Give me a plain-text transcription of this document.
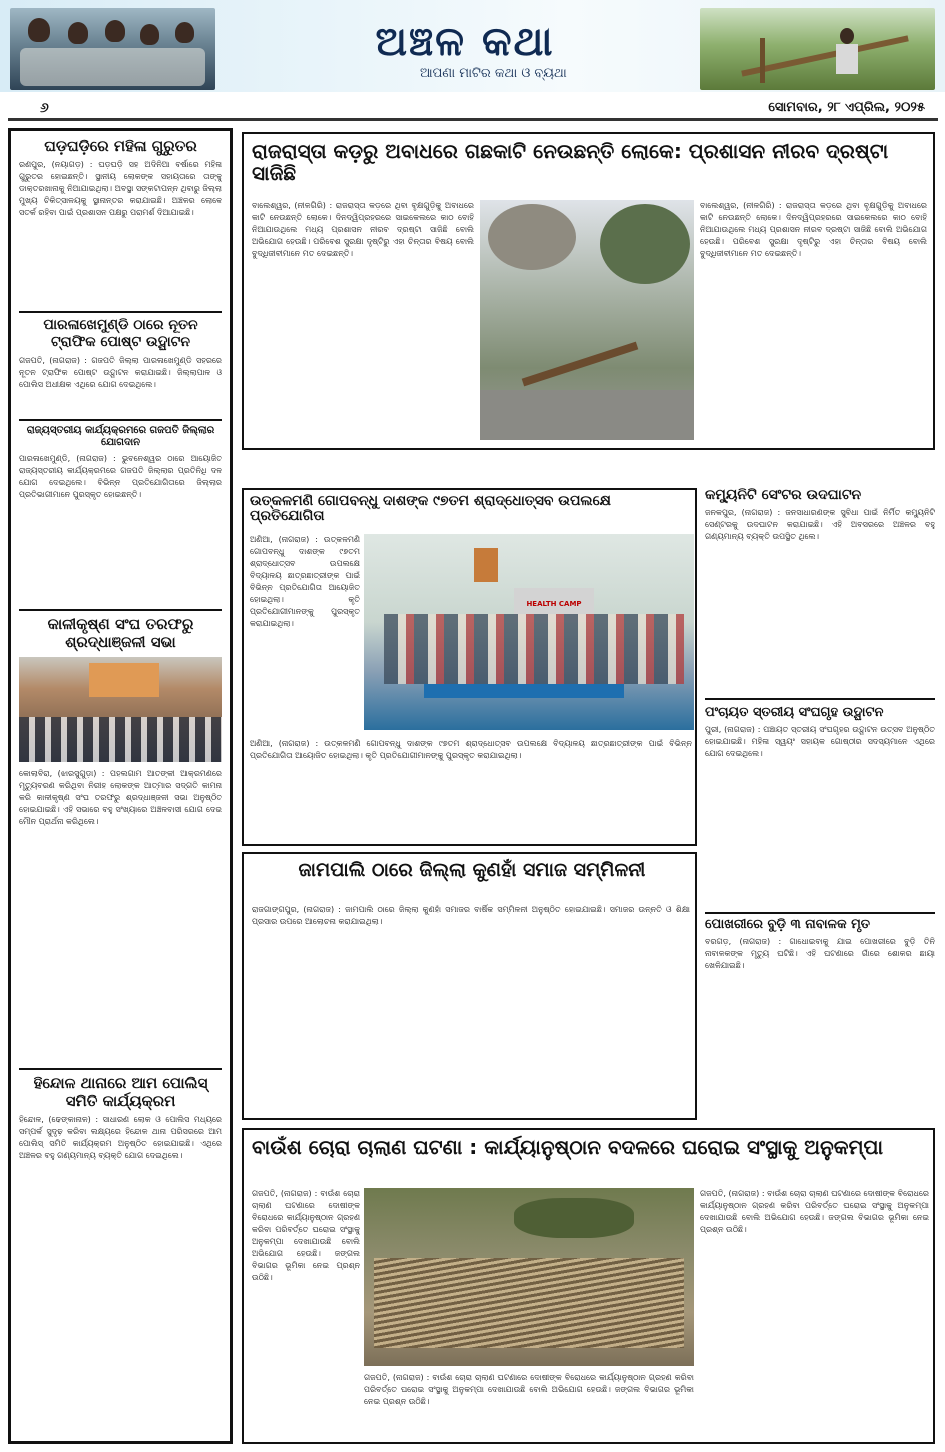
ଅଞ୍ଚଳ କଥା
ଆପଣା ମାଟିର କଥା ଓ ବ୍ୟଥା
୬	ସୋମବାର, ୨୮ ଏପ୍ରିଲ, ୨୦୨୫
ଘଡ଼ଘଡ଼ିରେ ମହିଳା ଗୁରୁତର
ରଣପୁର, (ନୟାଗଡ଼) : ଘଡ଼ଘଡ଼ି ସହ ଅଦିନିଆ ବର୍ଷାରେ ମହିଳା ଗୁରୁତର ହୋଇଛନ୍ତି। ସ୍ଥାନୀୟ ଲୋକଙ୍କ ସହାୟତାରେ ତାଙ୍କୁ ଡାକ୍ତରଖାନାକୁ ନିଆଯାଇଥିଲା। ଅବସ୍ଥା ସଙ୍କଟାପନ୍ନ ଥିବାରୁ ଜିଲ୍ଲା ମୁଖ୍ୟ ଚିକିତ୍ସାଳୟକୁ ସ୍ଥାନାନ୍ତର କରାଯାଇଛି। ଅଞ୍ଚଳର ଲୋକେ ସତର୍କ ରହିବା ପାଇଁ ପ୍ରଶାସନ ପକ୍ଷରୁ ପରାମର୍ଶ ଦିଆଯାଇଛି।
ପାରଳାଖେମୁଣ୍ଡି ଠାରେ ନୂତନ ଟ୍ରାଫିକ ପୋଷ୍ଟ ଉଦ୍ଘାଟନ
ଗଜପତି, (ନାଗରାଜ) : ଗଜପତି ଜିଲ୍ଲା ପାରଳାଖେମୁଣ୍ଡି ସହରରେ ନୂତନ ଟ୍ରାଫିକ ପୋଷ୍ଟ ଉଦ୍ଘାଟନ କରାଯାଇଛି। ଜିଲ୍ଲାପାଳ ଓ ପୋଲିସ ଅଧୀକ୍ଷକ ଏଥିରେ ଯୋଗ ଦେଇଥିଲେ।
ରାଜ୍ୟସ୍ତରୀୟ କାର୍ଯ୍ୟକ୍ରମରେ ଗଜପତି ଜିଲ୍ଲାର ଯୋଗଦାନ
ପାରଳାଖେମୁଣ୍ଡି, (ନାଗରାଜ) : ଭୁବନେଶ୍ୱର ଠାରେ ଆୟୋଜିତ ରାଜ୍ୟସ୍ତରୀୟ କାର୍ଯ୍ୟକ୍ରମରେ ଗଜପତି ଜିଲ୍ଲାର ପ୍ରତିନିଧି ଦଳ ଯୋଗ ଦେଇଥିଲେ। ବିଭିନ୍ନ ପ୍ରତିଯୋଗିତାରେ ଜିଲ୍ଲାର ପ୍ରତିଭାଗୀମାନେ ପୁରସ୍କୃତ ହୋଇଛନ୍ତି।
କାଳୀକୃଷ୍ଣ ସଂଘ ତରଫରୁ ଶ୍ରଦ୍ଧାଞ୍ଜଳୀ ସଭା
କୋଲାବିରା, (ଝାରସୁଗୁଡ଼ା) : ପହଲଗାମ ଆତଙ୍କୀ ଆକ୍ରମଣରେ ମୃତ୍ୟୁବରଣ କରିଥିବା ନିରୀହ ଲୋକଙ୍କ ଆତ୍ମାର ସଦ୍ଗତି କାମନା କରି କାଳୀକୃଷ୍ଣ ସଂଘ ତରଫରୁ ଶ୍ରଦ୍ଧାଞ୍ଜଳୀ ସଭା ଅନୁଷ୍ଠିତ ହୋଇଯାଇଛି। ଏହି ସଭାରେ ବହୁ ସଂଖ୍ୟାରେ ଅଞ୍ଚଳବାସୀ ଯୋଗ ଦେଇ ମୌନ ପ୍ରାର୍ଥନା କରିଥିଲେ।
ହିନ୍ଦୋଳ ଥାନାରେ ଆମ ପୋଲିସ୍ ସମିତି କାର୍ଯ୍ୟକ୍ରମ
ହିନ୍ଦୋଳ, (ଢେଙ୍କାନାଳ) : ସାଧାରଣ ଲୋକ ଓ ପୋଲିସ ମଧ୍ୟରେ ସମ୍ପର୍କ ସୁଦୃଢ଼ କରିବା ଲକ୍ଷ୍ୟରେ ହିନ୍ଦୋଳ ଥାନା ପରିସରରେ ଆମ ପୋଲିସ୍ ସମିତି କାର୍ଯ୍ୟକ୍ରମ ଅନୁଷ୍ଠିତ ହୋଇଯାଇଛି। ଏଥିରେ ଅଞ୍ଚଳର ବହୁ ଗଣ୍ୟମାନ୍ୟ ବ୍ୟକ୍ତି ଯୋଗ ଦେଇଥିଲେ।
ରାଜରାସ୍ତା କଡ଼ରୁ ଅବାଧରେ ଗଛକାଟି ନେଉଛନ୍ତି ଲୋକେ: ପ୍ରଶାସନ ନୀରବ ଦ୍ରଷ୍ଟା ସାଜିଛି
ବାଲେଶ୍ୱର, (ନୀଳଗିରି) : ରାଜରାସ୍ତା କଡ଼ରେ ଥିବା ବୃକ୍ଷଗୁଡ଼ିକୁ ଅବାଧରେ କାଟି ନେଉଛନ୍ତି ଲୋକେ। ଦିନଦ୍ୱିପ୍ରହରରେ ସାଇକେଲରେ କାଠ ବୋହି ନିଆଯାଉଥିଲେ ମଧ୍ୟ ପ୍ରଶାସନ ନୀରବ ଦ୍ରଷ୍ଟା ସାଜିଛି ବୋଲି ଅଭିଯୋଗ ହେଉଛି। ପରିବେଶ ସୁରକ୍ଷା ଦୃଷ୍ଟିରୁ ଏହା ଚିନ୍ତାର ବିଷୟ ବୋଲି ବୁଦ୍ଧିଜୀବୀମାନେ ମତ ଦେଇଛନ୍ତି।
ବାଲେଶ୍ୱର, (ନୀଳଗିରି) : ରାଜରାସ୍ତା କଡ଼ରେ ଥିବା ବୃକ୍ଷଗୁଡ଼ିକୁ ଅବାଧରେ କାଟି ନେଉଛନ୍ତି ଲୋକେ। ଦିନଦ୍ୱିପ୍ରହରରେ ସାଇକେଲରେ କାଠ ବୋହି ନିଆଯାଉଥିଲେ ମଧ୍ୟ ପ୍ରଶାସନ ନୀରବ ଦ୍ରଷ୍ଟା ସାଜିଛି ବୋଲି ଅଭିଯୋଗ ହେଉଛି। ପରିବେଶ ସୁରକ୍ଷା ଦୃଷ୍ଟିରୁ ଏହା ଚିନ୍ତାର ବିଷୟ ବୋଲି ବୁଦ୍ଧିଜୀବୀମାନେ ମତ ଦେଇଛନ୍ତି।
ଉତ୍କଳମଣି ଗୋପବନ୍ଧୁ ଦାଶଙ୍କ ୯୭ତମ ଶ୍ରାଦ୍ଧୋତ୍ସବ ଉପଲକ୍ଷେ ପ୍ରତିଯୋଗିତା
ଅଣିଆ, (ନାଗରାଜ) : ଉତ୍କଳମଣି ଗୋପବନ୍ଧୁ ଦାଶଙ୍କ ୯୭ତମ ଶ୍ରାଦ୍ଧୋତ୍ସବ ଉପଲକ୍ଷେ ବିଦ୍ୟାଳୟ ଛାତ୍ରଛାତ୍ରୀଙ୍କ ପାଇଁ ବିଭିନ୍ନ ପ୍ରତିଯୋଗିତା ଆୟୋଜିତ ହୋଇଥିଲା। କୃତି ପ୍ରତିଯୋଗୀମାନଙ୍କୁ ପୁରସ୍କୃତ କରାଯାଇଥିଲା।
HEALTH CAMP
ଅଣିଆ, (ନାଗରାଜ) : ଉତ୍କଳମଣି ଗୋପବନ୍ଧୁ ଦାଶଙ୍କ ୯୭ତମ ଶ୍ରାଦ୍ଧୋତ୍ସବ ଉପଲକ୍ଷେ ବିଦ୍ୟାଳୟ ଛାତ୍ରଛାତ୍ରୀଙ୍କ ପାଇଁ ବିଭିନ୍ନ ପ୍ରତିଯୋଗିତା ଆୟୋଜିତ ହୋଇଥିଲା। କୃତି ପ୍ରତିଯୋଗୀମାନଙ୍କୁ ପୁରସ୍କୃତ କରାଯାଇଥିଲା।
କମ୍ୟୁନିଟି ସେଂଟର ଉଦଘାଟନ
ଜନକପୁର, (ନାଗରାଜ) : ଜନସାଧାରଣଙ୍କ ସୁବିଧା ପାଇଁ ନିର୍ମିତ କମ୍ୟୁନିଟି ସେଣ୍ଟରକୁ ଉଦଘାଟନ କରାଯାଇଛି। ଏହି ଅବସରରେ ଅଞ୍ଚଳର ବହୁ ଗଣ୍ୟମାନ୍ୟ ବ୍ୟକ୍ତି ଉପସ୍ଥିତ ଥିଲେ।
ପଂଚାୟତ ସ୍ତରୀୟ ସଂଘଗୃହ ଉଦ୍ଘାଟନ
ପୁରୀ, (ନାଗରାଜ) : ପଞ୍ଚାୟତ ସ୍ତରୀୟ ସଂଘଗୃହର ଉଦ୍ଘାଟନ ଉତ୍ସବ ଅନୁଷ୍ଠିତ ହୋଇଯାଇଛି। ମହିଳା ସ୍ୱୟଂ ସହାୟକ ଗୋଷ୍ଠୀର ସଦସ୍ୟମାନେ ଏଥିରେ ଯୋଗ ଦେଇଥିଲେ।
ଜାମପାଲି ଠାରେ ଜିଲ୍ଲା କୁଣହାଁ ସମାଜ ସମ୍ମିଳନୀ
ରାଜଗାଙ୍ଗପୁର, (ନାଗରାଜ) : ଜାମପାଲି ଠାରେ ଜିଲ୍ଲା କୁଣହାଁ ସମାଜର ବାର୍ଷିକ ସମ୍ମିଳନୀ ଅନୁଷ୍ଠିତ ହୋଇଯାଇଛି। ସମାଜର ଉନ୍ନତି ଓ ଶିକ୍ଷା ପ୍ରସାର ଉପରେ ଆଲୋଚନା କରାଯାଇଥିଲା।	ପୋଖରୀରେ ବୁଡ଼ି ୩ ନାବାଳକ ମୃତ
ବରଗଡ଼, (ନାଗରାଜ) : ଗାଧୋଇବାକୁ ଯାଇ ପୋଖରୀରେ ବୁଡ଼ି ତିନି ନାବାଳକଙ୍କ ମୃତ୍ୟୁ ଘଟିଛି। ଏହି ଘଟଣାରେ ଗାଁରେ ଶୋକର ଛାୟା ଖେଳିଯାଇଛି।
ବାଉଁଶ ଚୋରା ଚାଲାଣ ଘଟଣା : କାର୍ଯ୍ୟାନୁଷ୍ଠାନ ବଦଳରେ ଘରୋଇ ସଂସ୍ଥାକୁ ଅନୁକମ୍ପା
ଗଜପତି, (ନାଗରାଜ) : ବାଉଁଶ ଚୋରା ଚାଲାଣ ଘଟଣାରେ ଦୋଷୀଙ୍କ ବିରୋଧରେ କାର୍ଯ୍ୟାନୁଷ୍ଠାନ ଗ୍ରହଣ କରିବା ପରିବର୍ତ୍ତେ ଘରୋଇ ସଂସ୍ଥାକୁ ଅନୁକମ୍ପା ଦେଖାଯାଉଛି ବୋଲି ଅଭିଯୋଗ ହେଉଛି। ଜଙ୍ଗଲ ବିଭାଗର ଭୂମିକା ନେଇ ପ୍ରଶ୍ନ ଉଠିଛି।
ଗଜପତି, (ନାଗରାଜ) : ବାଉଁଶ ଚୋରା ଚାଲାଣ ଘଟଣାରେ ଦୋଷୀଙ୍କ ବିରୋଧରେ କାର୍ଯ୍ୟାନୁଷ୍ଠାନ ଗ୍ରହଣ କରିବା ପରିବର୍ତ୍ତେ ଘରୋଇ ସଂସ୍ଥାକୁ ଅନୁକମ୍ପା ଦେଖାଯାଉଛି ବୋଲି ଅଭିଯୋଗ ହେଉଛି। ଜଙ୍ଗଲ ବିଭାଗର ଭୂମିକା ନେଇ ପ୍ରଶ୍ନ ଉଠିଛି।
ଗଜପତି, (ନାଗରାଜ) : ବାଉଁଶ ଚୋରା ଚାଲାଣ ଘଟଣାରେ ଦୋଷୀଙ୍କ ବିରୋଧରେ କାର୍ଯ୍ୟାନୁଷ୍ଠାନ ଗ୍ରହଣ କରିବା ପରିବର୍ତ୍ତେ ଘରୋଇ ସଂସ୍ଥାକୁ ଅନୁକମ୍ପା ଦେଖାଯାଉଛି ବୋଲି ଅଭିଯୋଗ ହେଉଛି। ଜଙ୍ଗଲ ବିଭାଗର ଭୂମିକା ନେଇ ପ୍ରଶ୍ନ ଉଠିଛି।
